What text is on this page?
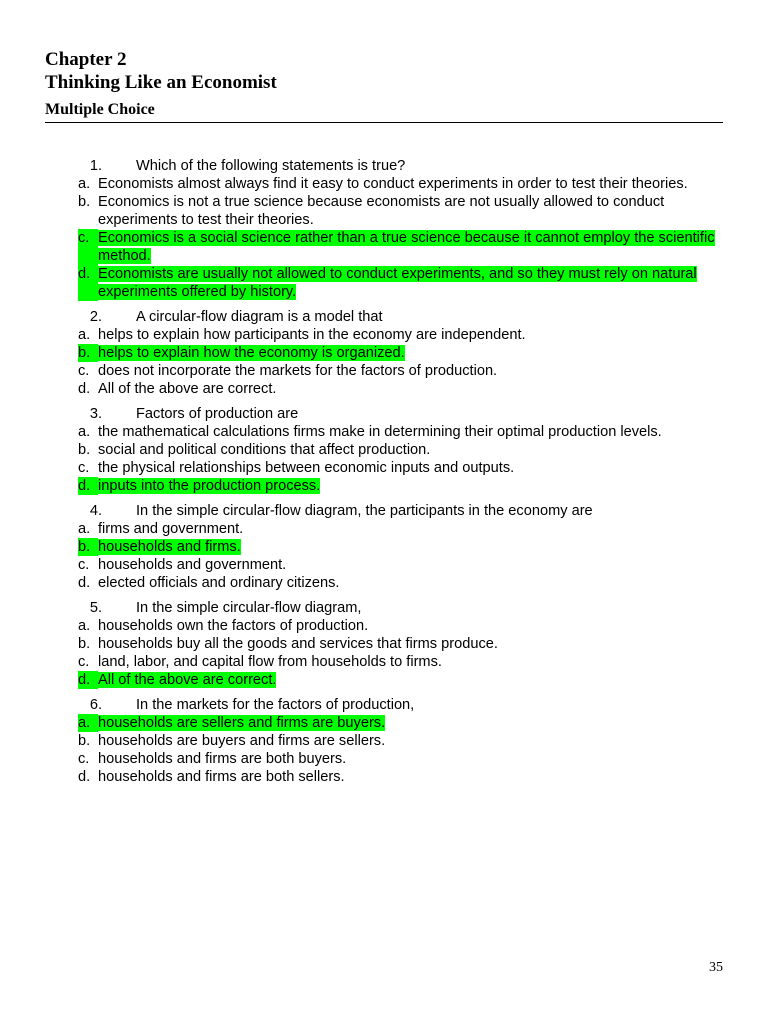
Chapter 2
Thinking Like an Economist
Multiple Choice
1. Which of the following statements is true?
a. Economists almost always find it easy to conduct experiments in order to test their theories.
b. Economics is not a true science because economists are not usually allowed to conduct experiments to test their theories.
c. Economics is a social science rather than a true science because it cannot employ the scientific method.
d. Economists are usually not allowed to conduct experiments, and so they must rely on natural experiments offered by history.
2. A circular-flow diagram is a model that
a. helps to explain how participants in the economy are independent.
b. helps to explain how the economy is organized.
c. does not incorporate the markets for the factors of production.
d. All of the above are correct.
3. Factors of production are
a. the mathematical calculations firms make in determining their optimal production levels.
b. social and political conditions that affect production.
c. the physical relationships between economic inputs and outputs.
d. inputs into the production process.
4. In the simple circular-flow diagram, the participants in the economy are
a. firms and government.
b. households and firms.
c. households and government.
d. elected officials and ordinary citizens.
5. In the simple circular-flow diagram,
a. households own the factors of production.
b. households buy all the goods and services that firms produce.
c. land, labor, and capital flow from households to firms.
d. All of the above are correct.
6. In the markets for the factors of production,
a. households are sellers and firms are buyers.
b. households are buyers and firms are sellers.
c. households and firms are both buyers.
d. households and firms are both sellers.
35
